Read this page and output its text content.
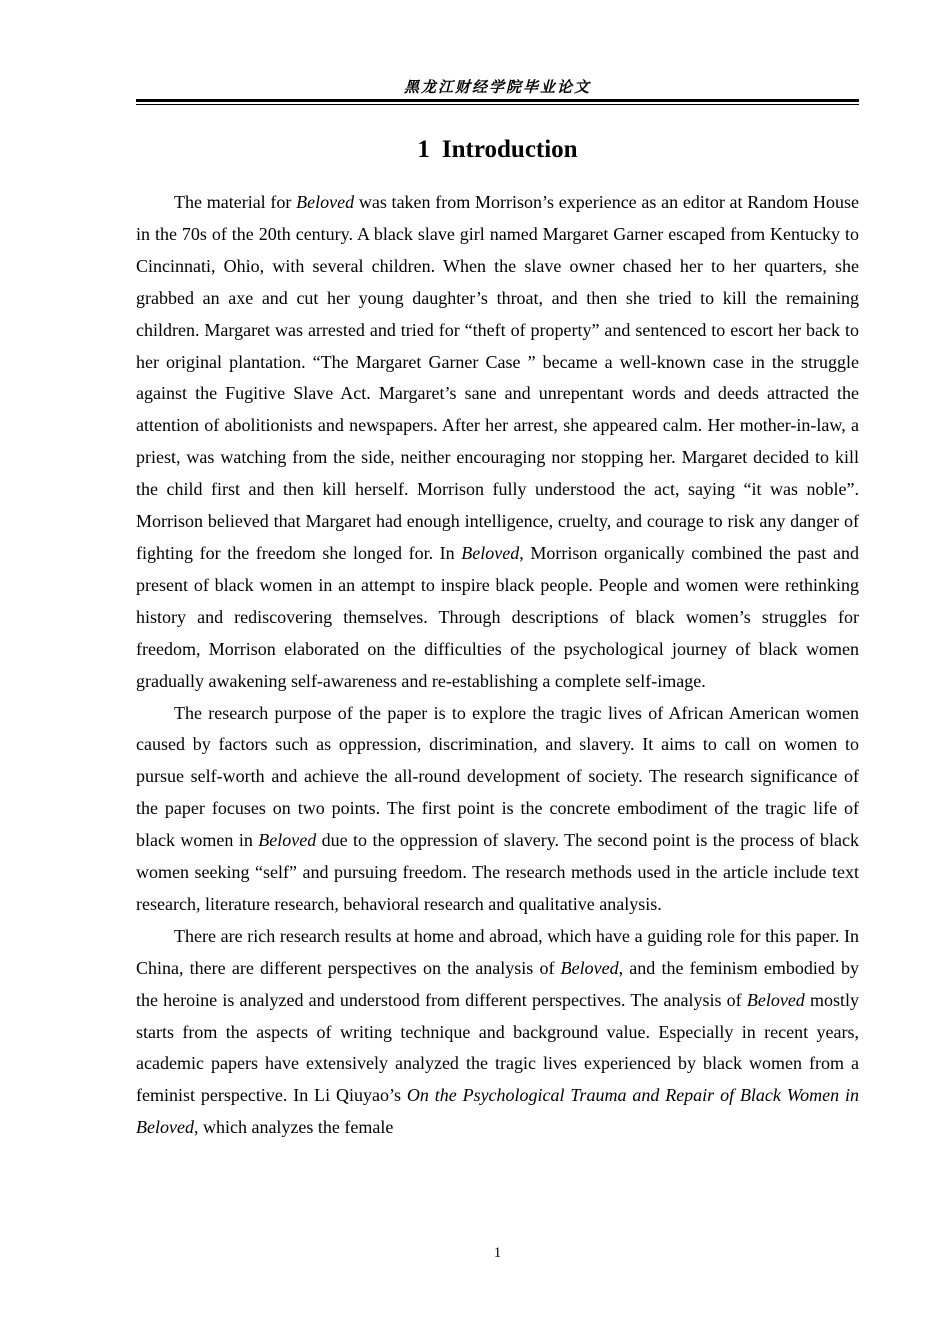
黑龙江财经学院毕业论文
1 Introduction

The material for Beloved was taken from Morrison’s experience as an editor at Random House in the 70s of the 20th century. A black slave girl named Margaret Garner escaped from Kentucky to Cincinnati, Ohio, with several children. When the slave owner chased her to her quarters, she grabbed an axe and cut her young daughter’s throat, and then she tried to kill the remaining children. Margaret was arrested and tried for “theft of property” and sentenced to escort her back to her original plantation. “The Margaret Garner Case ” became a well-known case in the struggle against the Fugitive Slave Act. Margaret’s sane and unrepentant words and deeds attracted the attention of abolitionists and newspapers. After her arrest, she appeared calm. Her mother-in-law, a priest, was watching from the side, neither encouraging nor stopping her. Margaret decided to kill the child first and then kill herself. Morrison fully understood the act, saying “it was noble”. Morrison believed that Margaret had enough intelligence, cruelty, and courage to risk any danger of fighting for the freedom she longed for. In Beloved, Morrison organically combined the past and present of black women in an attempt to inspire black people. People and women were rethinking history and rediscovering themselves. Through descriptions of black women’s struggles for freedom, Morrison elaborated on the difficulties of the psychological journey of black women gradually awakening self-awareness and re-establishing a complete self-image.

The research purpose of the paper is to explore the tragic lives of African American women caused by factors such as oppression, discrimination, and slavery. It aims to call on women to pursue self-worth and achieve the all-round development of society. The research significance of the paper focuses on two points. The first point is the concrete embodiment of the tragic life of black women in Beloved due to the oppression of slavery. The second point is the process of black women seeking “self” and pursuing freedom. The research methods used in the article include text research, literature research, behavioral research and qualitative analysis.

There are rich research results at home and abroad, which have a guiding role for this paper. In China, there are different perspectives on the analysis of Beloved, and the feminism embodied by the heroine is analyzed and understood from different perspectives. The analysis of Beloved mostly starts from the aspects of writing technique and background value. Especially in recent years, academic papers have extensively analyzed the tragic lives experienced by black women from a feminist perspective. In Li Qiuyao’s On the Psychological Trauma and Repair of Black Women in Beloved, which analyzes the female

1
